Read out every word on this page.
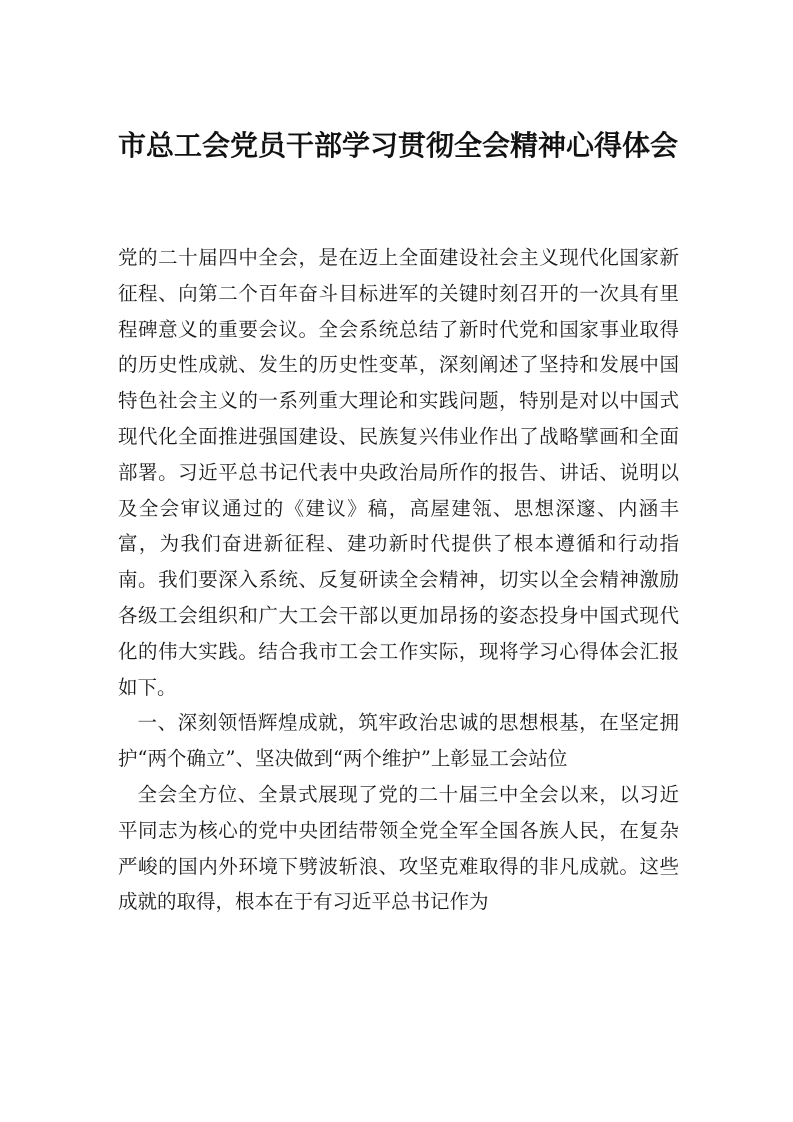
市总工会党员干部学习贯彻全会精神心得体会

党的二十届四中全会，是在迈上全面建设社会主义现代化国家新征程、向第二个百年奋斗目标进军的关键时刻召开的一次具有里程碑意义的重要会议。全会系统总结了新时代党和国家事业取得的历史性成就、发生的历史性变革，深刻阐述了坚持和发展中国特色社会主义的一系列重大理论和实践问题，特别是对以中国式现代化全面推进强国建设、民族复兴伟业作出了战略擘画和全面部署。习近平总书记代表中央政治局所作的报告、讲话、说明以及全会审议通过的《建议》稿，高屋建瓴、思想深邃、内涵丰富，为我们奋进新征程、建功新时代提供了根本遵循和行动指南。我们要深入系统、反复研读全会精神，切实以全会精神激励各级工会组织和广大工会干部以更加昂扬的姿态投身中国式现代化的伟大实践。结合我市工会工作实际，现将学习心得体会汇报如下。

一、深刻领悟辉煌成就，筑牢政治忠诚的思想根基，在坚定拥护“两个确立”、坚决做到“两个维护”上彰显工会站位

全会全方位、全景式展现了党的二十届三中全会以来，以习近平同志为核心的党中央团结带领全党全军全国各族人民，在复杂严峻的国内外环境下劈波斩浪、攻坚克难取得的非凡成就。这些成就的取得，根本在于有习近平总书记作为
